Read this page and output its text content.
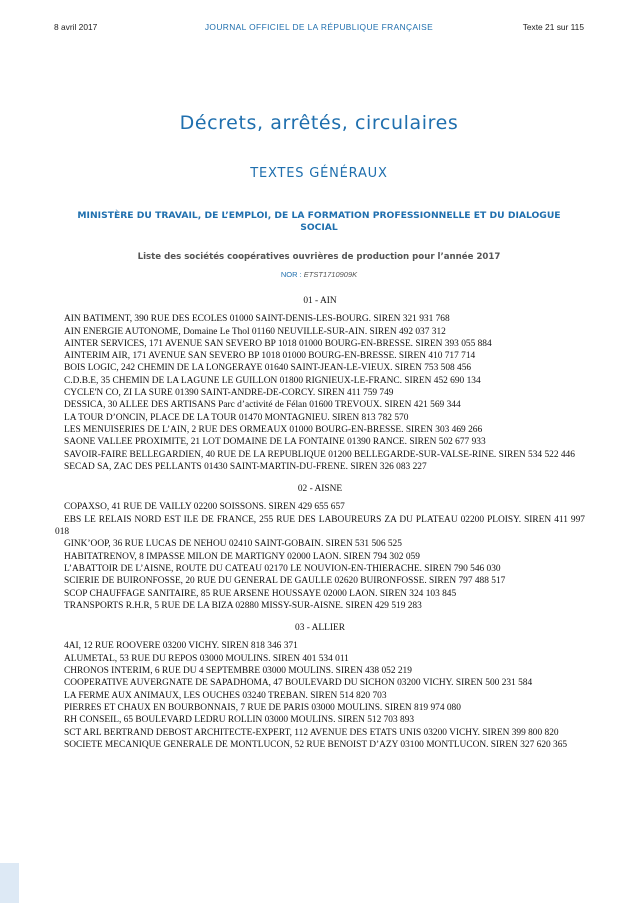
8 avril 2017	JOURNAL OFFICIEL DE LA RÉPUBLIQUE FRANÇAISE	Texte 21 sur 115
Décrets, arrêtés, circulaires
TEXTES GÉNÉRAUX
MINISTÈRE DU TRAVAIL, DE L’EMPLOI, DE LA FORMATION PROFESSIONNELLE ET DU DIALOGUE SOCIAL
Liste des sociétés coopératives ouvrières de production pour l’année 2017
NOR : ETST1710909K
01 - AIN

AIN BATIMENT, 390 RUE DES ECOLES 01000 SAINT-DENIS-LES-BOURG. SIREN 321 931 768

AIN ENERGIE AUTONOME, Domaine Le Thol 01160 NEUVILLE-SUR-AIN. SIREN 492 037 312

AINTER SERVICES, 171 AVENUE SAN SEVERO BP 1018 01000 BOURG-EN-BRESSE. SIREN 393 055 884

AINTERIM AIR, 171 AVENUE SAN SEVERO BP 1018 01000 BOURG-EN-BRESSE. SIREN 410 717 714

BOIS LOGIC, 242 CHEMIN DE LA LONGERAYE 01640 SAINT-JEAN-LE-VIEUX. SIREN 753 508 456

C.D.B.E, 35 CHEMIN DE LA LAGUNE LE GUILLON 01800 RIGNIEUX-LE-FRANC. SIREN 452 690 134

CYCLE'N CO, ZI LA SURE 01390 SAINT-ANDRE-DE-CORCY. SIREN 411 759 749

DESSICA, 30 ALLEE DES ARTISANS Parc d’activité de Félan 01600 TREVOUX. SIREN 421 569 344

LA TOUR D’ONCIN, PLACE DE LA TOUR 01470 MONTAGNIEU. SIREN 813 782 570

LES MENUISERIES DE L’AIN, 2 RUE DES ORMEAUX 01000 BOURG-EN-BRESSE. SIREN 303 469 266

SAONE VALLEE PROXIMITE, 21 LOT DOMAINE DE LA FONTAINE 01390 RANCE. SIREN 502 677 933

SAVOIR-FAIRE BELLEGARDIEN, 40 RUE DE LA REPUBLIQUE 01200 BELLEGARDE-SUR-VALSE-RINE. SIREN 534 522 446

SECAD SA, ZAC DES PELLANTS 01430 SAINT-MARTIN-DU-FRENE. SIREN 326 083 227

02 - AISNE

COPAXSO, 41 RUE DE VAILLY 02200 SOISSONS. SIREN 429 655 657

EBS LE RELAIS NORD EST ILE DE FRANCE, 255 RUE DES LABOUREURS ZA DU PLATEAU 02200 PLOISY. SIREN 411 997 018

GINK’OOP, 36 RUE LUCAS DE NEHOU 02410 SAINT-GOBAIN. SIREN 531 506 525

HABITATRENOV, 8 IMPASSE MILON DE MARTIGNY 02000 LAON. SIREN 794 302 059

L’ABATTOIR DE L’AISNE, ROUTE DU CATEAU 02170 LE NOUVION-EN-THIERACHE. SIREN 790 546 030

SCIERIE DE BUIRONFOSSE, 20 RUE DU GENERAL DE GAULLE 02620 BUIRONFOSSE. SIREN 797 488 517

SCOP CHAUFFAGE SANITAIRE, 85 RUE ARSENE HOUSSAYE 02000 LAON. SIREN 324 103 845

TRANSPORTS R.H.R, 5 RUE DE LA BIZA 02880 MISSY-SUR-AISNE. SIREN 429 519 283

03 - ALLIER

4AI, 12 RUE ROOVERE 03200 VICHY. SIREN 818 346 371

ALUMETAL, 53 RUE DU REPOS 03000 MOULINS. SIREN 401 534 011

CHRONOS INTERIM, 6 RUE DU 4 SEPTEMBRE 03000 MOULINS. SIREN 438 052 219

COOPERATIVE AUVERGNATE DE SAPADHOMA, 47 BOULEVARD DU SICHON 03200 VICHY. SIREN 500 231 584

LA FERME AUX ANIMAUX, LES OUCHES 03240 TREBAN. SIREN 514 820 703

PIERRES ET CHAUX EN BOURBONNAIS, 7 RUE DE PARIS 03000 MOULINS. SIREN 819 974 080

RH CONSEIL, 65 BOULEVARD LEDRU ROLLIN 03000 MOULINS. SIREN 512 703 893

SCT ARL BERTRAND DEBOST ARCHITECTE-EXPERT, 112 AVENUE DES ETATS UNIS 03200 VICHY. SIREN 399 800 820

SOCIETE MECANIQUE GENERALE DE MONTLUCON, 52 RUE BENOIST D’AZY 03100 MONTLUCON. SIREN 327 620 365
